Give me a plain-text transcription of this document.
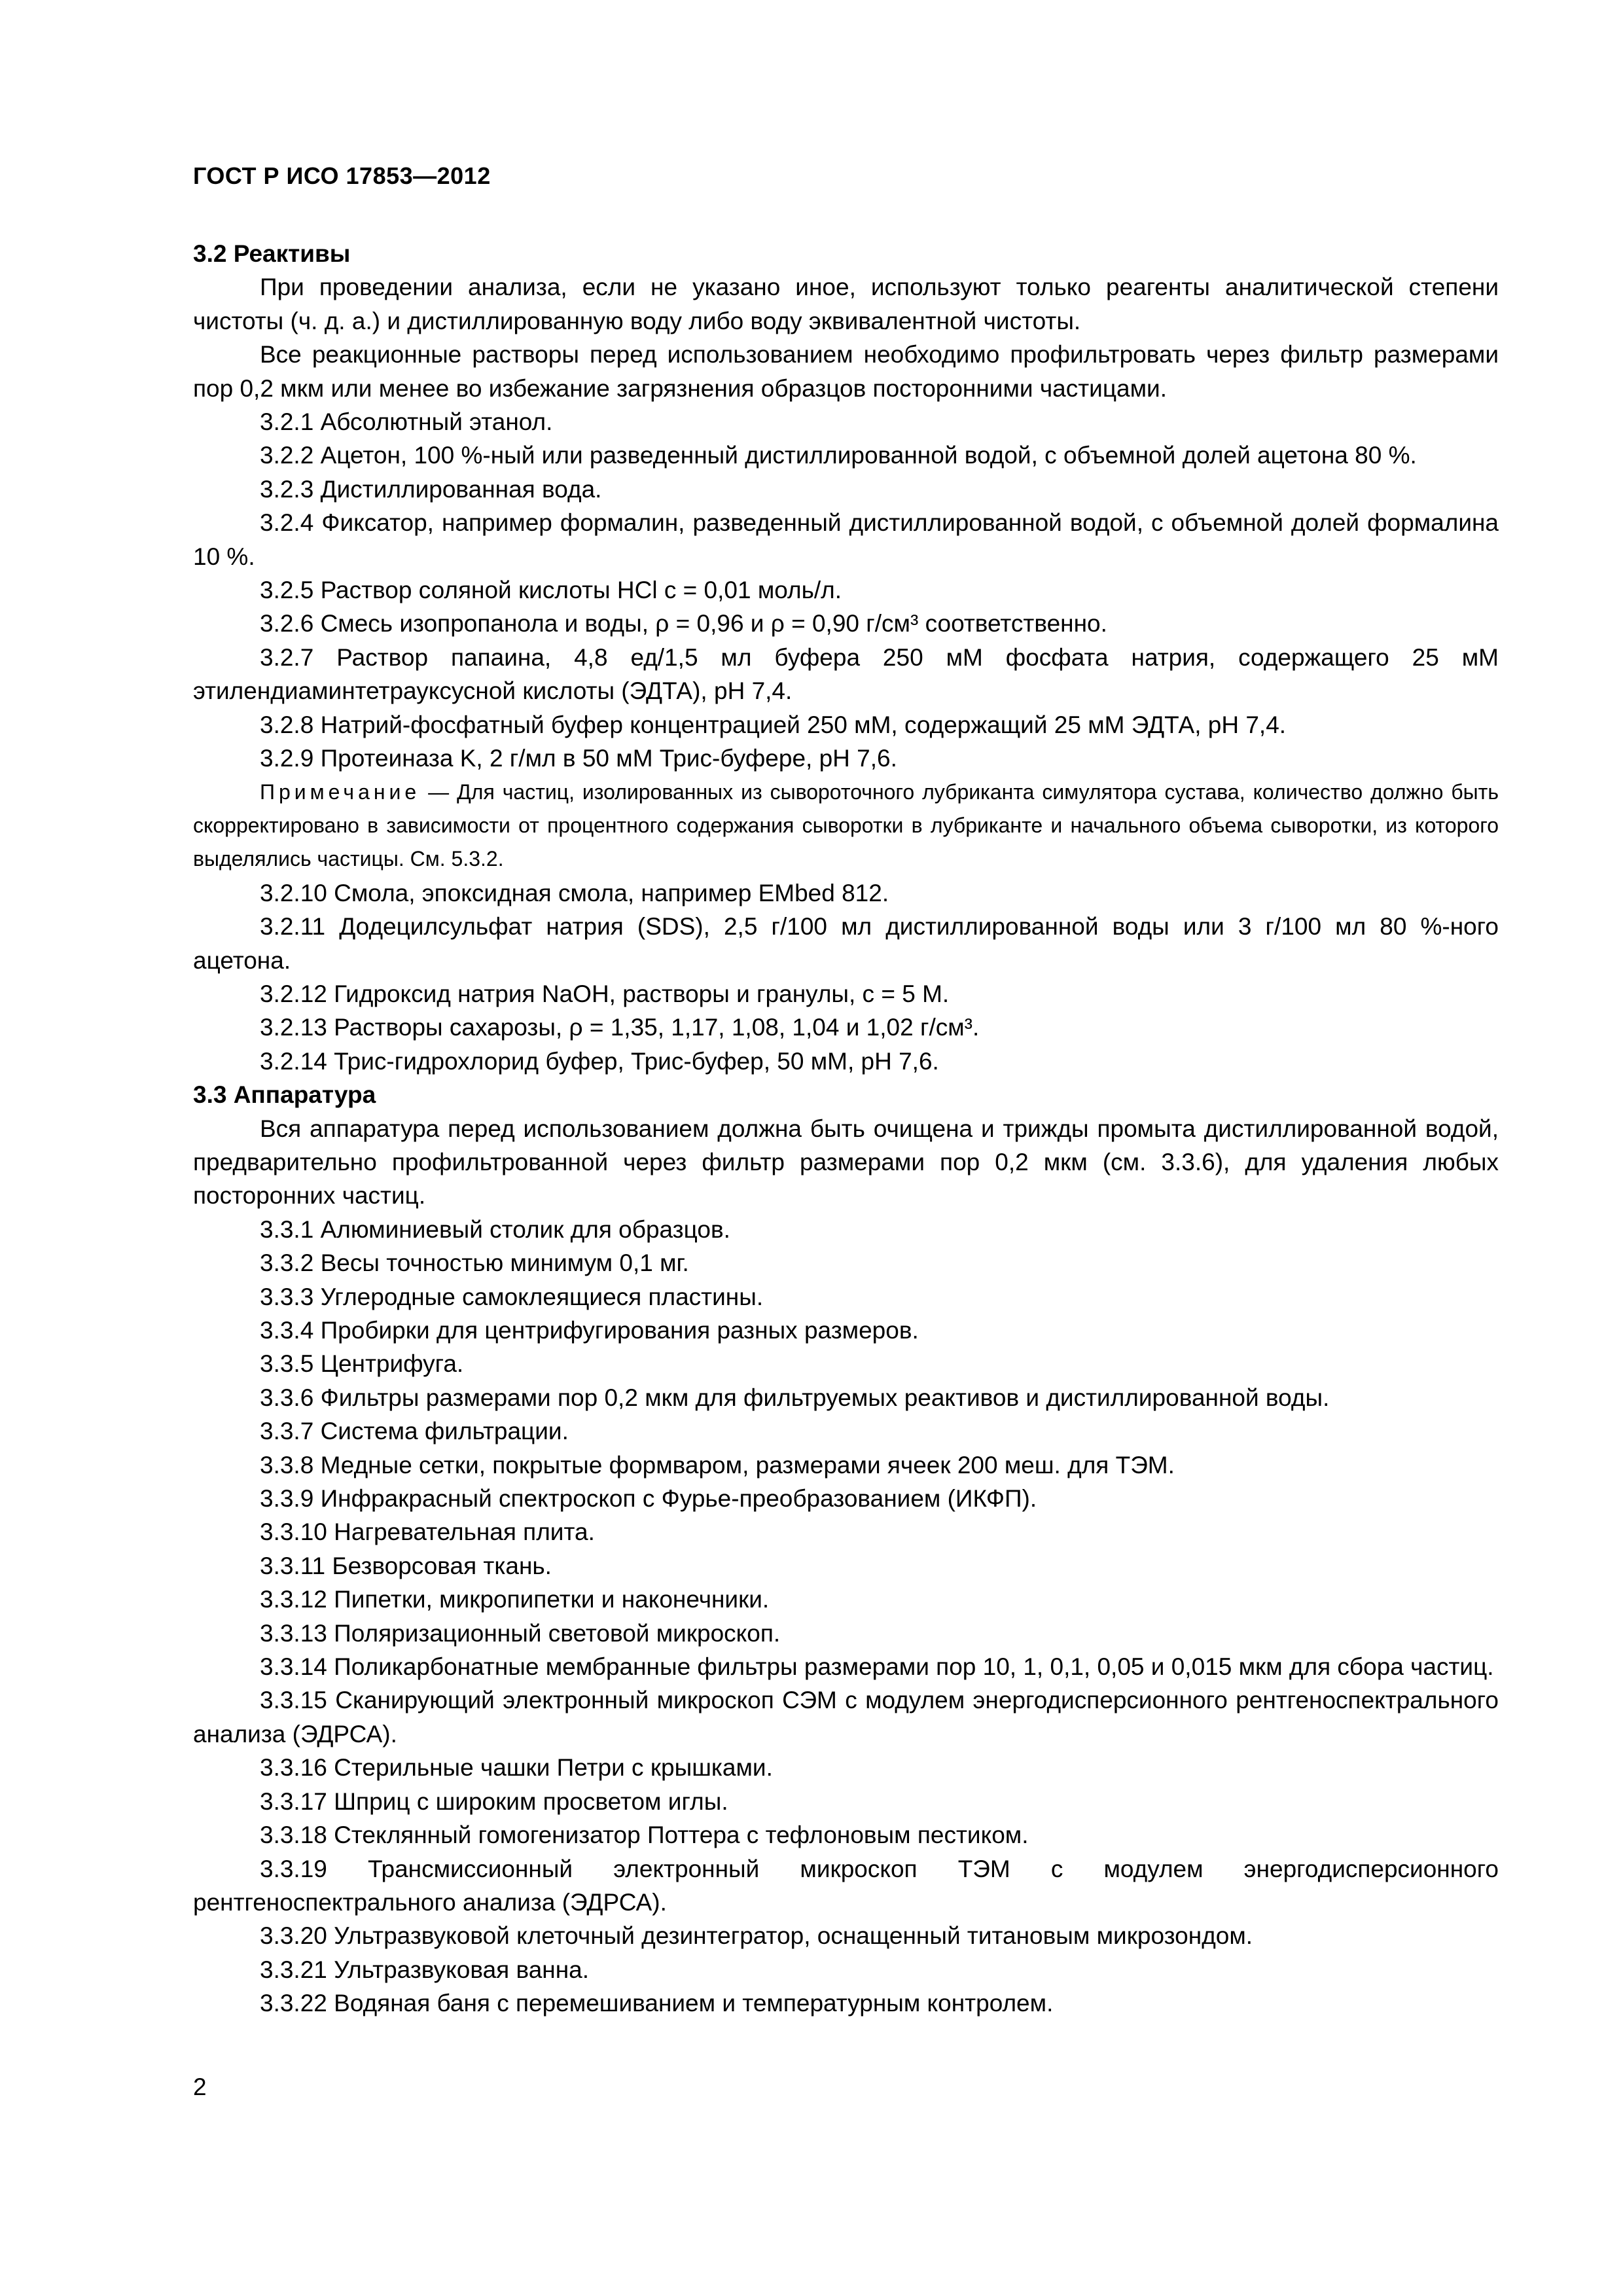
ГОСТ Р ИСО 17853—2012

3.2 Реактивы

При проведении анализа, если не указано иное, используют только реагенты аналитической степени чистоты (ч. д. а.) и дистиллированную воду либо воду эквивалентной чистоты.

Все реакционные растворы перед использованием необходимо профильтровать через фильтр размерами пор 0,2 мкм или менее во избежание загрязнения образцов посторонними частицами.

3.2.1 Абсолютный этанол.

3.2.2 Ацетон, 100 %-ный или разведенный дистиллированной водой, с объемной долей ацетона 80 %.

3.2.3 Дистиллированная вода.

3.2.4 Фиксатор, например формалин, разведенный дистиллированной водой, с объемной долей формалина 10 %.

3.2.5 Раствор соляной кислоты HCl c = 0,01 моль/л.

3.2.6 Смесь изопропанола и воды, ρ = 0,96 и ρ = 0,90 г/см³ соответственно.

3.2.7 Раствор папаина, 4,8 ед/1,5 мл буфера 250 мМ фосфата натрия, содержащего 25 мМ этилендиаминтетрауксусной кислоты (ЭДТА), pH 7,4.

3.2.8 Натрий-фосфатный буфер концентрацией 250 мМ, содержащий 25 мМ ЭДТА, pH 7,4.

3.2.9 Протеиназа K, 2 г/мл в 50 мМ Трис-буфере, pH 7,6.

Примечание — Для частиц, изолированных из сывороточного лубриканта симулятора сустава, количество должно быть скорректировано в зависимости от процентного содержания сыворотки в лубриканте и начального объема сыворотки, из которого выделялись частицы. См. 5.3.2.

3.2.10 Смола, эпоксидная смола, например EMbed 812.

3.2.11 Додецилсульфат натрия (SDS), 2,5 г/100 мл дистиллированной воды или 3 г/100 мл 80 %-ного ацетона.

3.2.12 Гидроксид натрия NaOH, растворы и гранулы, c = 5 М.

3.2.13 Растворы сахарозы, ρ = 1,35, 1,17, 1,08, 1,04 и 1,02 г/см³.

3.2.14 Трис-гидрохлорид буфер, Трис-буфер, 50 мМ, pH 7,6.

3.3 Аппаратура

Вся аппаратура перед использованием должна быть очищена и трижды промыта дистиллированной водой, предварительно профильтрованной через фильтр размерами пор 0,2 мкм (см. 3.3.6), для удаления любых посторонних частиц.

3.3.1 Алюминиевый столик для образцов.

3.3.2 Весы точностью минимум 0,1 мг.

3.3.3 Углеродные самоклеящиеся пластины.

3.3.4 Пробирки для центрифугирования разных размеров.

3.3.5 Центрифуга.

3.3.6 Фильтры размерами пор 0,2 мкм для фильтруемых реактивов и дистиллированной воды.

3.3.7 Система фильтрации.

3.3.8 Медные сетки, покрытые формваром, размерами ячеек 200 меш. для ТЭМ.

3.3.9 Инфракрасный спектроскоп с Фурье-преобразованием (ИКФП).

3.3.10 Нагревательная плита.

3.3.11 Безворсовая ткань.

3.3.12 Пипетки, микропипетки и наконечники.

3.3.13 Поляризационный световой микроскоп.

3.3.14 Поликарбонатные мембранные фильтры размерами пор 10, 1, 0,1, 0,05 и 0,015 мкм для сбора частиц.

3.3.15 Сканирующий электронный микроскоп СЭМ с модулем энергодисперсионного рентгеноспектрального анализа (ЭДРСА).

3.3.16 Стерильные чашки Петри с крышками.

3.3.17 Шприц с широким просветом иглы.

3.3.18 Стеклянный гомогенизатор Поттера с тефлоновым пестиком.

3.3.19 Трансмиссионный электронный микроскоп ТЭМ с модулем энергодисперсионного рентгеноспектрального анализа (ЭДРСА).

3.3.20 Ультразвуковой клеточный дезинтегратор, оснащенный титановым микрозондом.

3.3.21 Ультразвуковая ванна.

3.3.22 Водяная баня с перемешиванием и температурным контролем.

2
